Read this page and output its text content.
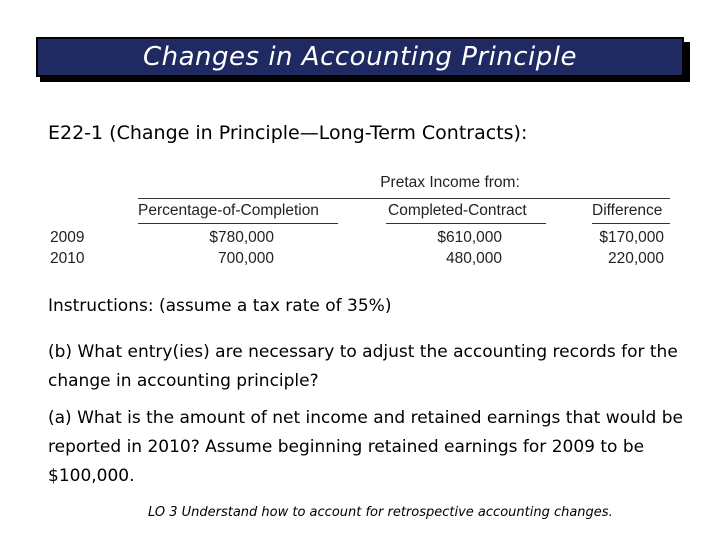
Changes in Accounting Principle
E22-1 (Change in Principle—Long-Term Contracts):
Pretax Income from:
Percentage-of-Completion	Completed-Contract	Difference
2009	$780,000	$610,000	$170,000
2010	700,000	480,000	220,000
Instructions: (assume a tax rate of 35%)

(b) What entry(ies) are necessary to adjust the accounting records for the change in accounting principle?

(a) What is the amount of net income and retained earnings that would be reported in 2010? Assume beginning retained earnings for 2009 to be $100,000.

LO 3 Understand how to account for retrospective accounting changes.
